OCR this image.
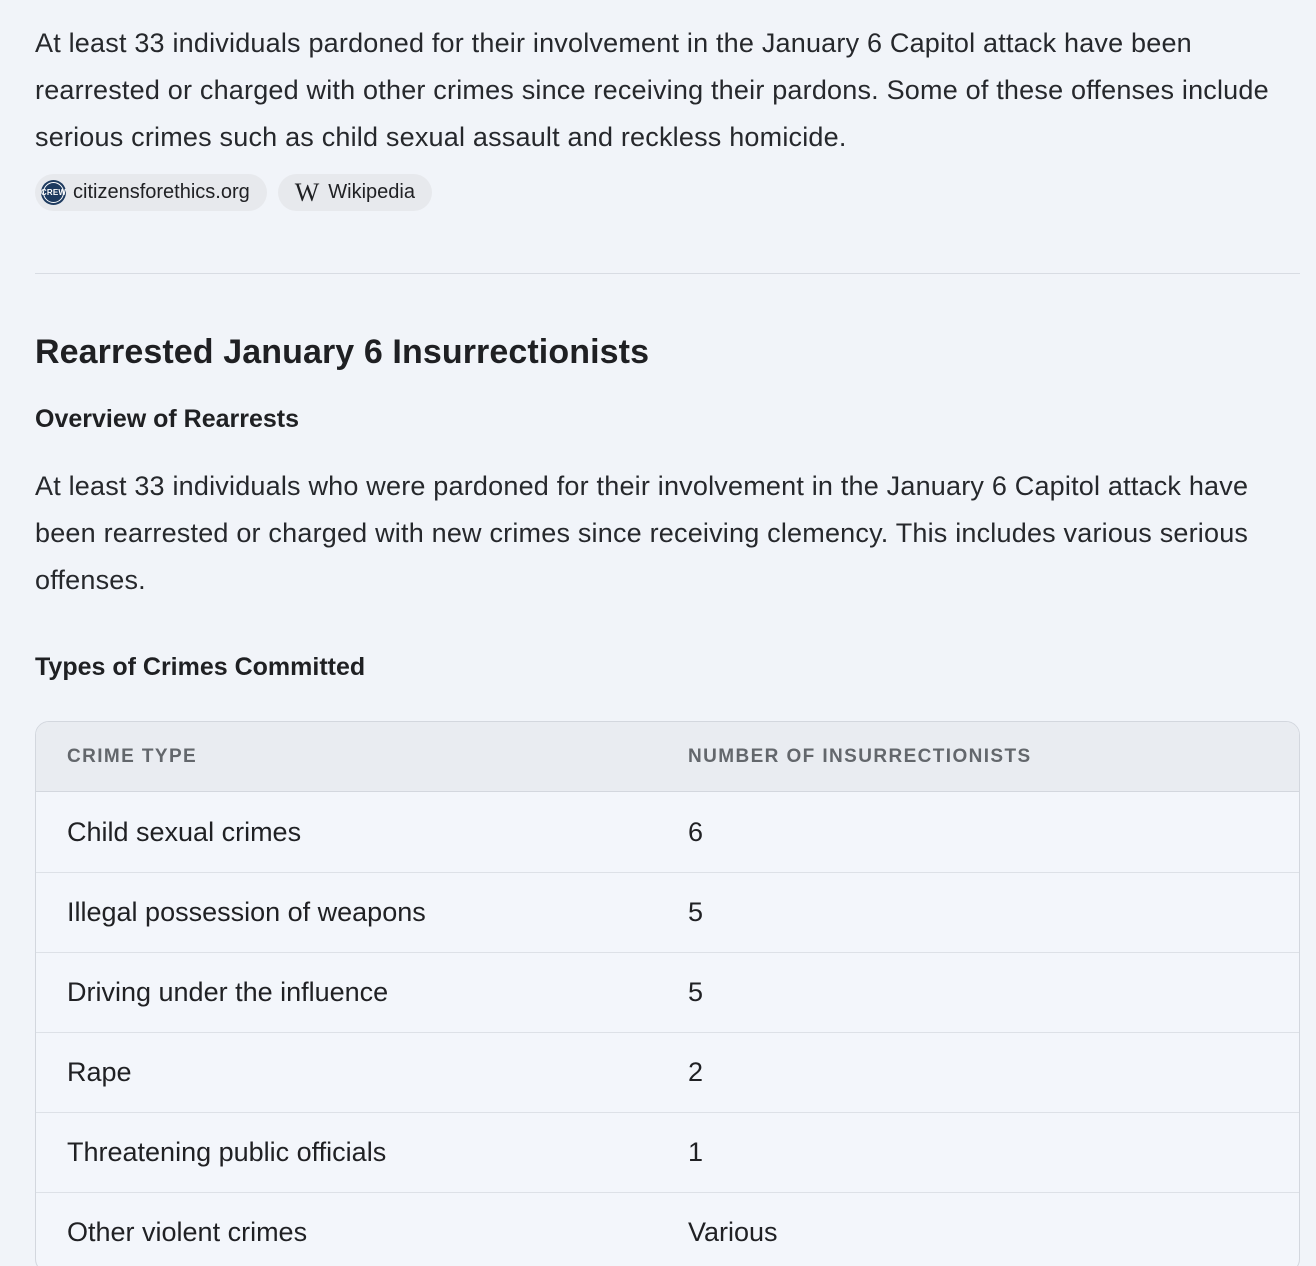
At least 33 individuals pardoned for their involvement in the January 6 Capitol attack have been rearrested or charged with other crimes since receiving their pardons. Some of these offenses include serious crimes such as child sexual assault and reckless homicide.

CREW citizensforethics.org W Wikipedia
Rearrested January 6 Insurrectionists
Overview of Rearrests

At least 33 individuals who were pardoned for their involvement in the January 6 Capitol attack have been rearrested or charged with new crimes since receiving clemency. This includes various serious offenses.

Types of Crimes Committed
CRIME TYPE	NUMBER OF INSURRECTIONISTS
Child sexual crimes	6
Illegal possession of weapons	5
Driving under the influence	5
Rape	2
Threatening public officials	1
Other violent crimes	Various
